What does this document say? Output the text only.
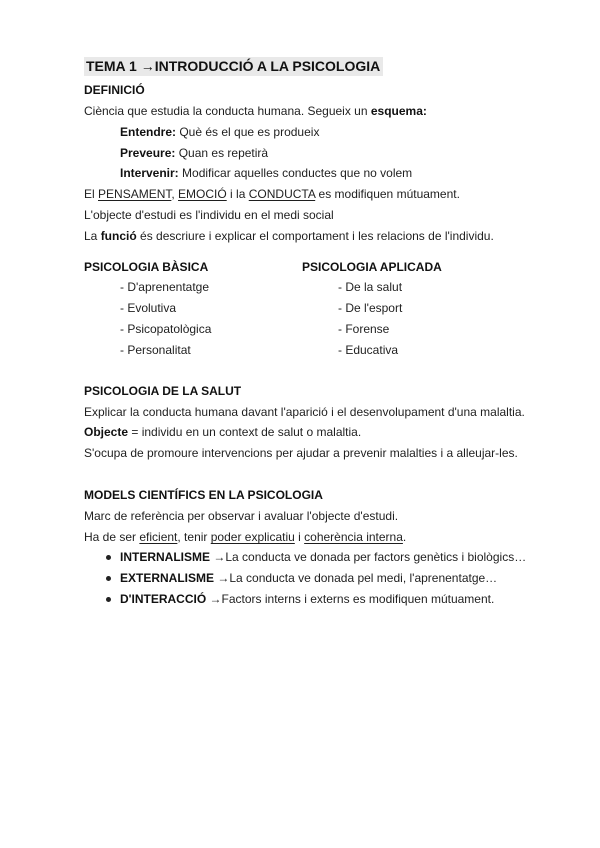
TEMA 1 →INTRODUCCIÓ A LA PSICOLOGIA
DEFINICIÓ
Ciència que estudia la conducta humana. Segueix un esquema:
Entendre: Què és el que es produeix
Preveure: Quan es repetirà
Intervenir: Modificar aquelles conductes que no volem
El PENSAMENT, EMOCIÓ i la CONDUCTA es modifiquen mútuament.
L'objecte d'estudi es l'individu en el medi social
La funció és descriure i explicar el comportament i les relacions de l'individu.
PSICOLOGIA BÀSICA
- D'aprenentatge
- Evolutiva
- Psicopatològica
- Personalitat
PSICOLOGIA APLICADA
- De la salut
- De l'esport
- Forense
- Educativa
PSICOLOGIA DE LA SALUT
Explicar la conducta humana davant l'aparició i el desenvolupament d'una malaltia.
Objecte = individu en un context de salut o malaltia.
S'ocupa de promoure intervencions per ajudar a prevenir malalties i a alleujar-les.
MODELS CIENTÍFICS EN LA PSICOLOGIA
Marc de referència per observar i avaluar l'objecte d'estudi.
Ha de ser eficient, tenir poder explicatiu i coherència interna.
INTERNALISME →La conducta ve donada per factors genètics i biològics…
EXTERNALISME →La conducta ve donada pel medi, l'aprenentatge…
D'INTERACCIÓ →Factors interns i externs es modifiquen mútuament.
